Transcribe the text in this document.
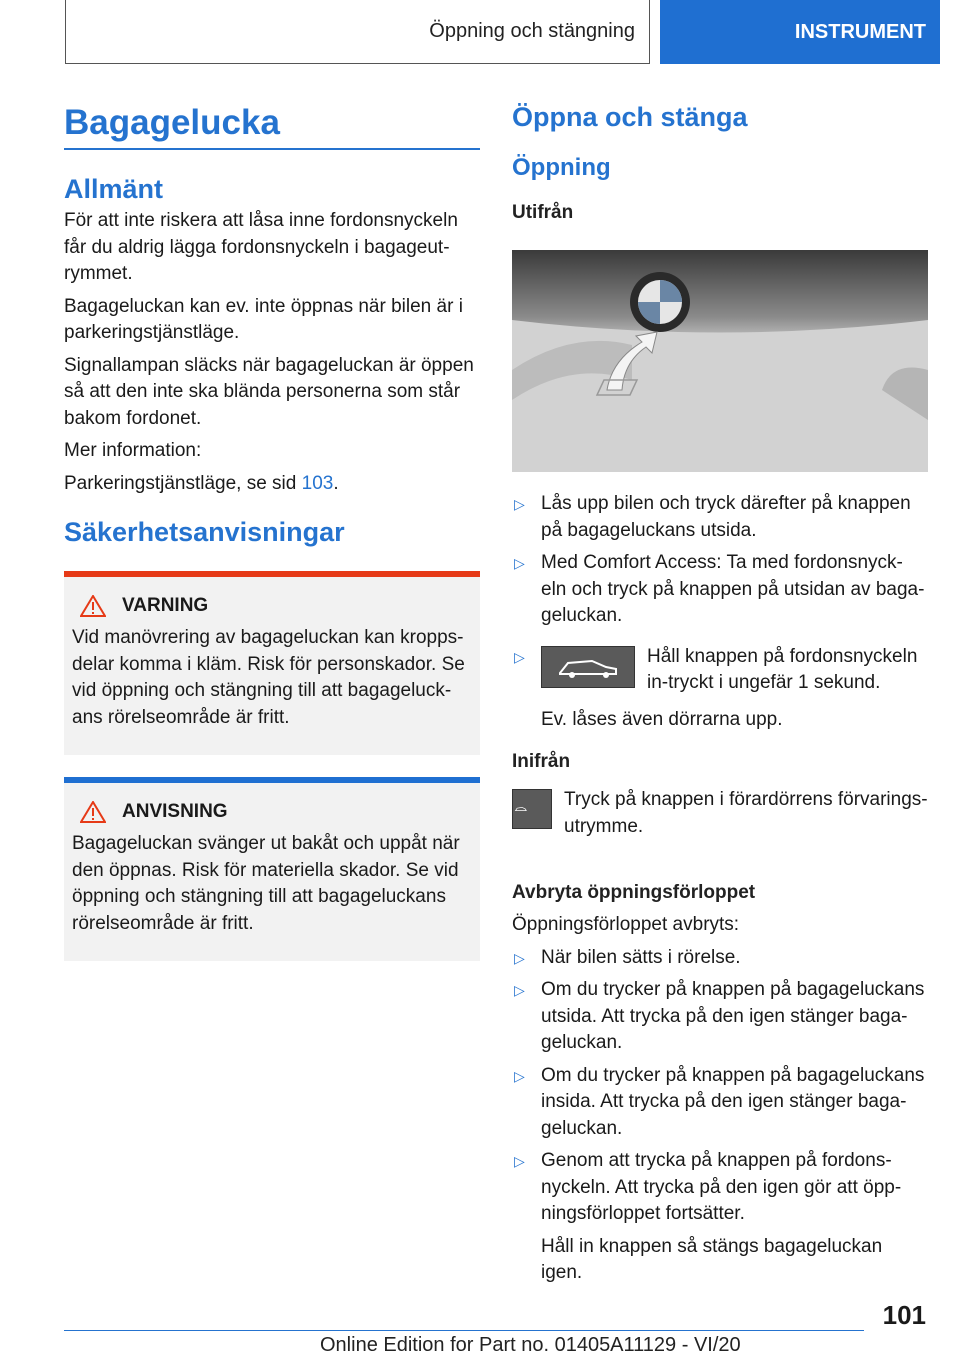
Öppning och stängning	INSTRUMENT
Bagagelucka
Allmänt

För att inte riskera att låsa inne fordonsnyckeln får du aldrig lägga fordonsnyckeln i bagageut-rymmet.

Bagageluckan kan ev. inte öppnas när bilen är i parkeringstjänstläge.

Signallampan släcks när bagageluckan är öppen så att den inte ska blända personerna som står bakom fordonet.

Mer information:

Parkeringstjänstläge, se sid 103.

Säkerhetsanvisningar
VARNING

Vid manövrering av bagageluckan kan kropps-delar komma i kläm. Risk för personskador. Se vid öppning och stängning till att bagageluck-ans rörelseområde är fritt.

ANVISNING

Bagageluckan svänger ut bakåt och uppåt när den öppnas. Risk för materiella skador. Se vid öppning och stängning till att bagageluckans rörelseområde är fritt.

Öppna och stänga
Öppning
Utifrån
▷ Lås upp bilen och tryck därefter på knappen på bagageluckans utsida.
▷ Med Comfort Access: Ta med fordonsnyck-eln och tryck på knappen på utsidan av baga-geluckan.
▷	Håll knappen på fordonsnyckeln in-tryckt i ungefär 1 sekund.
Ev. låses även dörrarna upp.
Inifrån

Tryck på knappen i förardörrens förvarings-utrymme.

Avbryta öppningsförloppet

Öppningsförloppet avbryts:

▷ När bilen sätts i rörelse.
▷ Om du trycker på knappen på bagageluckans utsida. Att trycka på den igen stänger baga-geluckan.
▷ Om du trycker på knappen på bagageluckans insida. Att trycka på den igen stänger baga-geluckan.
▷ Genom att trycka på knappen på fordons-nyckeln. Att trycka på den igen gör att öpp-ningsförloppet fortsätter.
Håll in knappen så stängs bagageluckan igen.
101
Online Edition for Part no. 01405A11129 - VI/20
